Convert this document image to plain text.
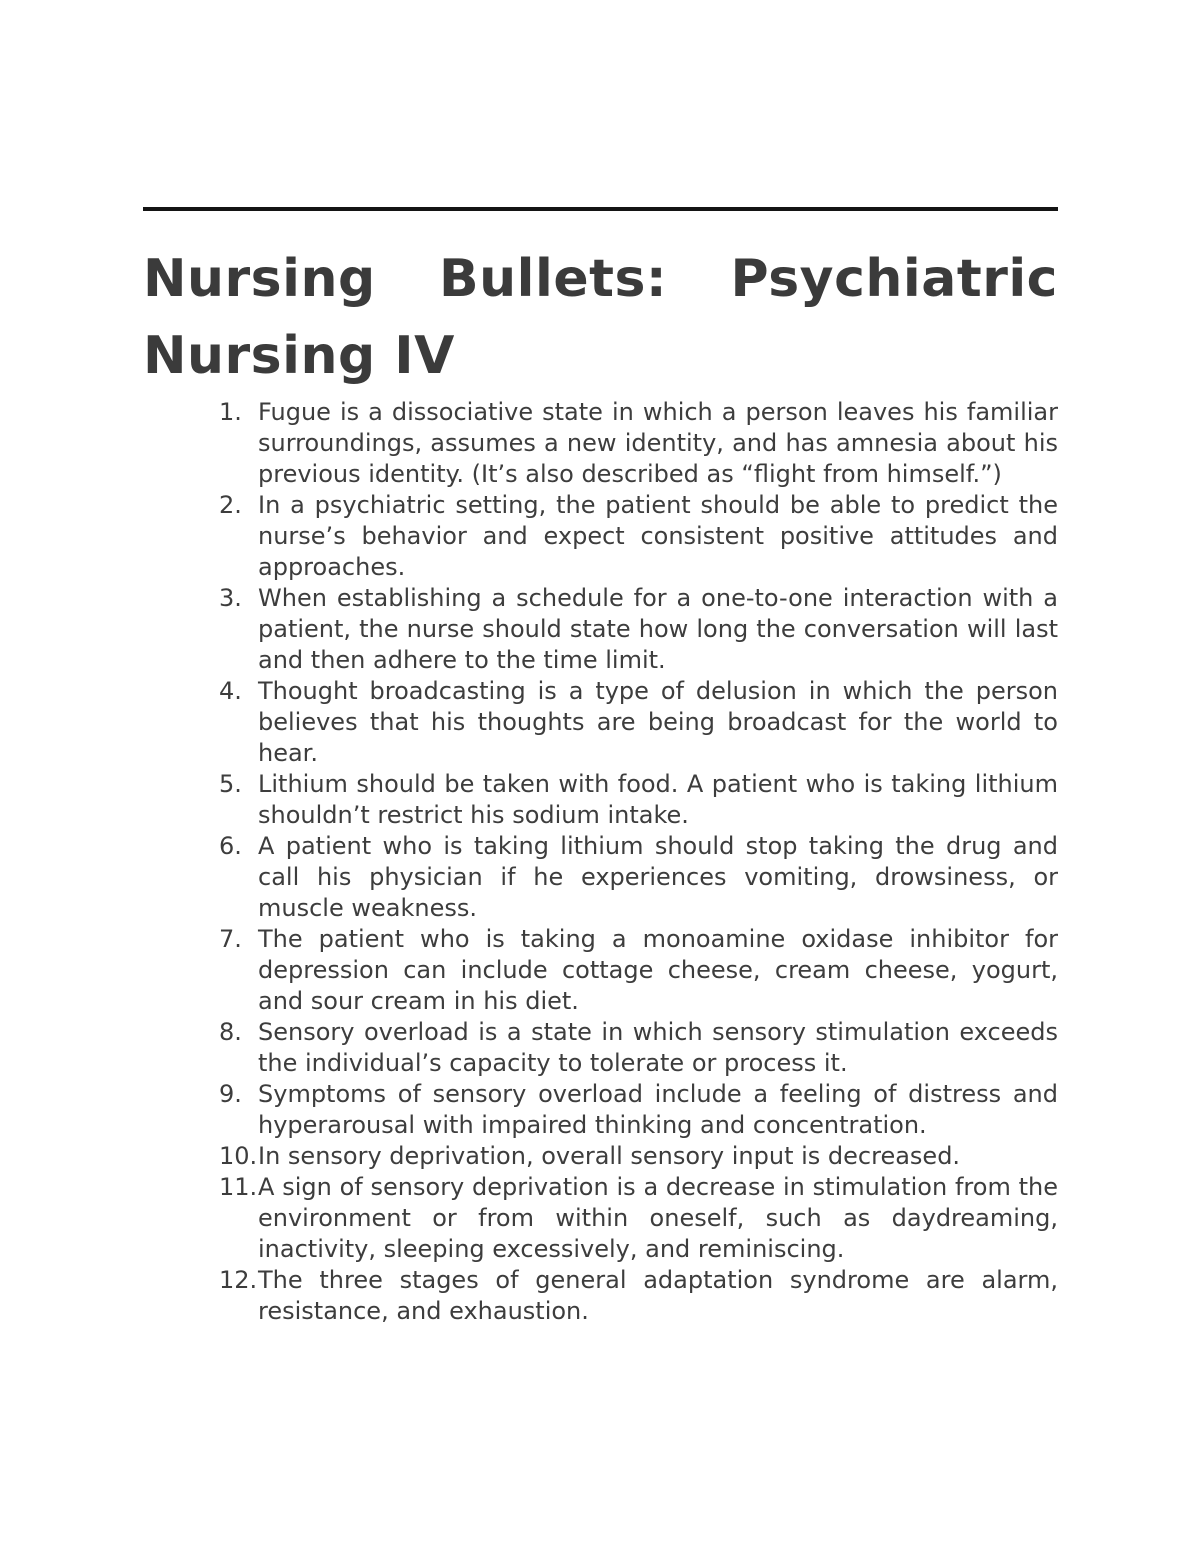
Nursing Bullets: Psychiatric Nursing IV
1. Fugue is a dissociative state in which a person leaves his familiar surroundings, assumes a new identity, and has amnesia about his previous identity. (It’s also described as “flight from himself.”)
2. In a psychiatric setting, the patient should be able to predict the nurse’s behavior and expect consistent positive attitudes and approaches.
3. When establishing a schedule for a one-to-one interaction with a patient, the nurse should state how long the conversation will last and then adhere to the time limit.
4. Thought broadcasting is a type of delusion in which the person believes that his thoughts are being broadcast for the world to hear.
5. Lithium should be taken with food. A patient who is taking lithium shouldn’t restrict his sodium intake.
6. A patient who is taking lithium should stop taking the drug and call his physician if he experiences vomiting, drowsiness, or muscle weakness.
7. The patient who is taking a monoamine oxidase inhibitor for depression can include cottage cheese, cream cheese, yogurt, and sour cream in his diet.
8. Sensory overload is a state in which sensory stimulation exceeds the individual’s capacity to tolerate or process it.
9. Symptoms of sensory overload include a feeling of distress and hyperarousal with impaired thinking and concentration.
10. In sensory deprivation, overall sensory input is decreased.
11. A sign of sensory deprivation is a decrease in stimulation from the environment or from within oneself, such as daydreaming, inactivity, sleeping excessively, and reminiscing.
12. The three stages of general adaptation syndrome are alarm, resistance, and exhaustion.
